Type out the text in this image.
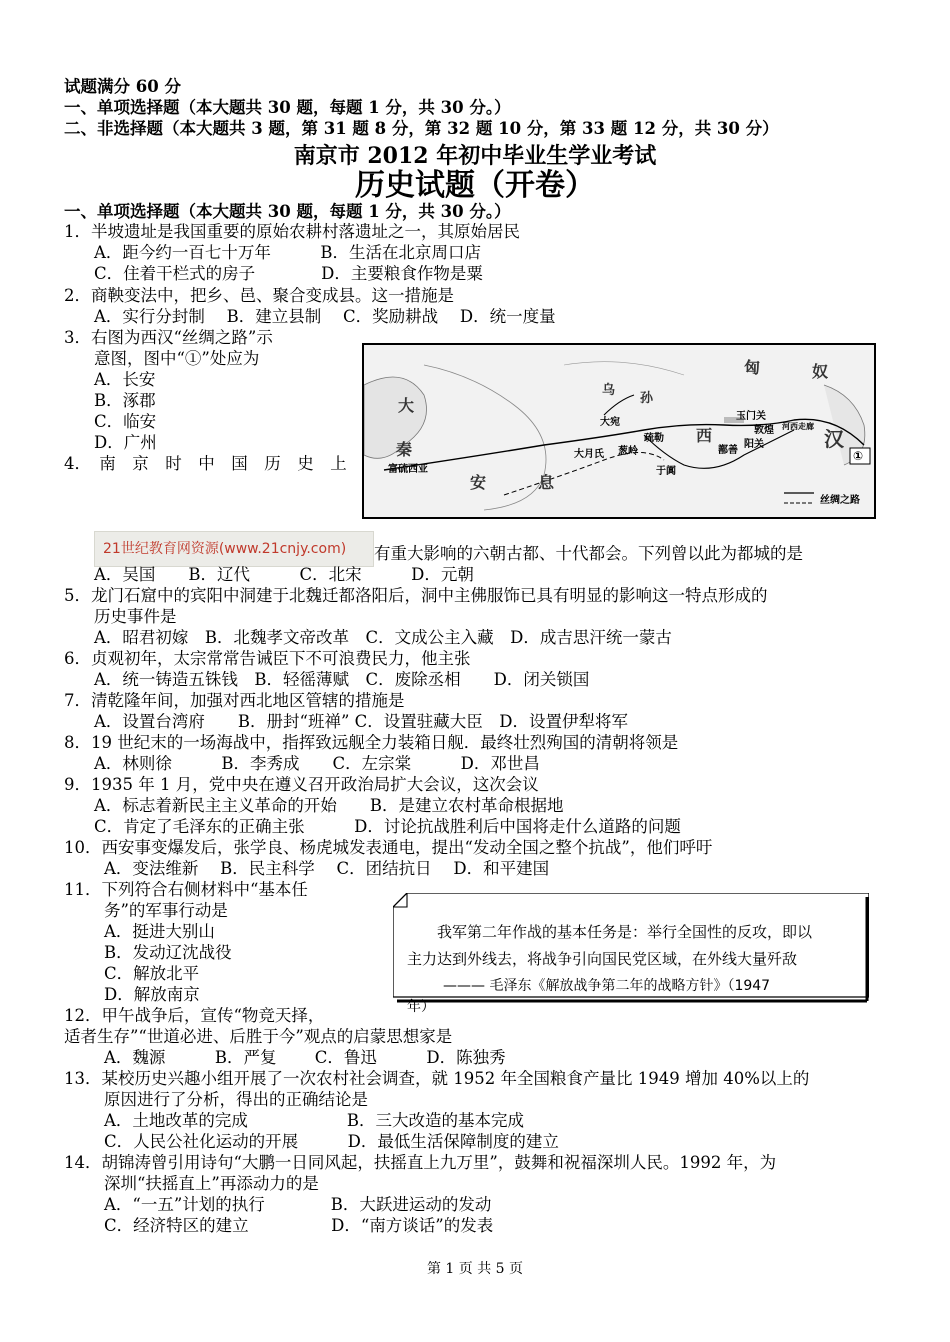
试题满分 60 分
一、单项选择题（本大题共 30 题，每题 1 分，共 30 分。）
二、非选择题（本大题共 3 题，第 31 题 8 分，第 32 题 10 分，第 33 题 12 分，共 30 分）
南京市 2012 年初中毕业生学业考试
历史试题（开卷）
一、单项选择题（本大题共 30 题，每题 1 分，共 30 分。）
1．半坡遗址是我国重要的原始农耕村落遗址之一，其原始居民
A．距今约一百七十万年　　　B．生活在北京周口店
C．住着干栏式的房子　　　　D．主要粮食作物是粟
2．商鞅变法中，把乡、邑、聚合变成县。这一措施是
A．实行分封制　 B．建立县制　 C．奖励耕战　 D．统一度量
3．右图为西汉“丝绸之路”示
意图，图中“①”处应为
A．长安
B．涿郡
C．临安
D．广州
匈	奴
大
秦
安	息
乌
孙
大宛
疏勒
葱岭
大月氏
于阗
西
鄯善
玉门关
敦煌
阳关
河西走廊
汉
①
富硫西亚
丝绸之路
4．　南　京　时　中　国　历　史　上
21世纪教育网资源(www.21cnjy.com) 有重大影响的六朝古都、十代都会。下列曾以此为都城的是
A．吴国　　B．辽代　　　C．北宋　　　D．元朝
5．龙门石窟中的宾阳中洞建于北魏迁都洛阳后，洞中主佛服饰已具有明显的影响这一特点形成的
历史事件是
A．昭君初嫁　B．北魏孝文帝改革　C．文成公主入藏　D．成吉思汗统一蒙古
6．贞观初年，太宗常常告诫臣下不可浪费民力，他主张
A．统一铸造五铢钱　B．轻徭薄赋　C．废除丞相　　D．闭关锁国
7．清乾隆年间，加强对西北地区管辖的措施是
A．设置台湾府　　B．册封“班禅” C．设置驻藏大臣　D．设置伊犁将军
8．19 世纪末的一场海战中，指挥致远舰全力装箱日舰．最终壮烈殉国的清朝将领是
A．林则徐　　　B．李秀成　　C．左宗棠　　　D．邓世昌
9．1935 年 1 月，党中央在遵义召开政治局扩大会议，这次会议
A．标志着新民主主义革命的开始　　B．是建立农村革命根据地
C．肯定了毛泽东的正确主张　　　D．讨论抗战胜利后中国将走什么道路的问题
10．西安事变爆发后，张学良、杨虎城发表通电，提出“发动全国之整个抗战”，他们呼吁
A．变法维新　 B．民主科学　 C．团结抗日　 D．和平建国
11．下列符合右侧材料中“基本任
务”的军事行动是
A．挺进大别山
B．发动辽沈战役
C．解放北平
D．解放南京
我军第二年作战的基本任务是：举行全国性的反攻，即以
主力达到外线去，将战争引向国民党区域，在外线大量歼敌
——— 毛泽东《解放战争第二年的战略方针》（1947
年）
12．甲午战争后，宣传“物竞天择，
适者生存”“世道必进、后胜于今”观点的启蒙思想家是
A．魏源　　　B．严复　　 C．鲁迅　　　D．陈独秀
13．某校历史兴趣小组开展了一次农村社会调查，就 1952 年全国粮食产量比 1949 增加 40%以上的
原因进行了分析，得出的正确结论是
A．土地改革的完成　　　　　　B．三大改造的基本完成
C．人民公社化运动的开展　　　D．最低生活保障制度的建立
14．胡锦涛曾引用诗句“大鹏一日同风起，扶摇直上九万里”，鼓舞和祝福深圳人民。1992 年，为
深圳“扶摇直上”再添动力的是
A．“一五”计划的执行　　　　B．大跃进运动的发动
C．经济特区的建立　　　　　D．“南方谈话”的发表
第 1 页 共 5 页
